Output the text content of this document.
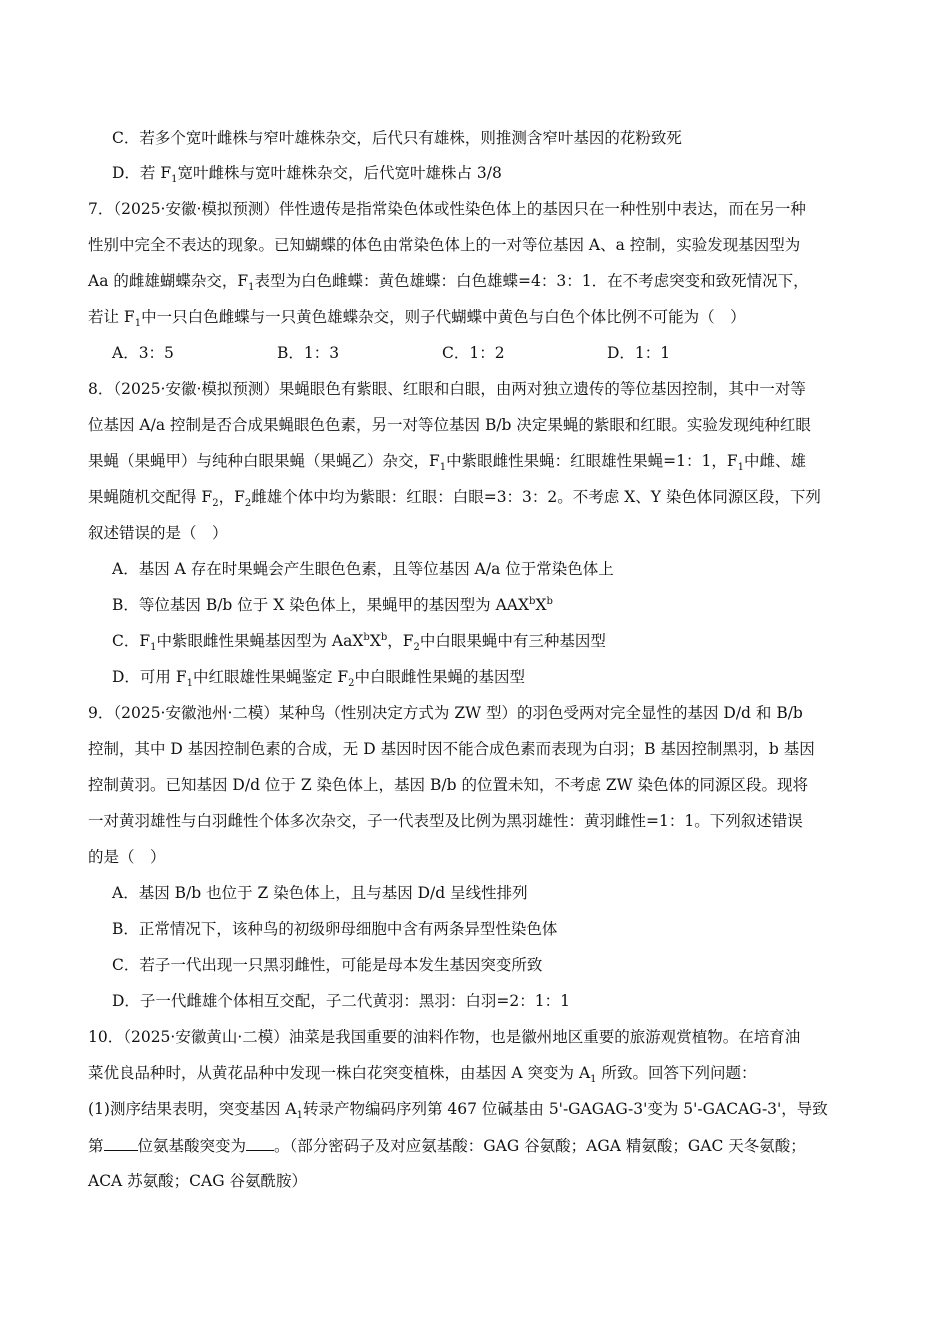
C．若多个宽叶雌株与窄叶雄株杂交，后代只有雄株，则推测含窄叶基因的花粉致死
D．若 $F_1$宽叶雌株与宽叶雄株杂交，后代宽叶雄株占 3/8
7．（2025·安徽·模拟预测）伴性遗传是指常染色体或性染色体上的基因只在一种性别中表达，而在另一种
性别中完全不表达的现象。已知蝴蝶的体色由常染色体上的一对等位基因 A、a 控制，实验发现基因型为
Aa 的雌雄蝴蝶杂交，$F_1$表型为白色雌蝶：黄色雄蝶：白色雄蝶=4：3：1．在不考虑突变和致死情况下，
若让 $F_1$中一只白色雌蝶与一只黄色雄蝶杂交，则子代蝴蝶中黄色与白色个体比例不可能为（　）
A．3：5	B．1：3	C．1：2	D．1：1
8．（2025·安徽·模拟预测）果蝇眼色有紫眼、红眼和白眼，由两对独立遗传的等位基因控制，其中一对等
位基因 A/a 控制是否合成果蝇眼色色素，另一对等位基因 B/b 决定果蝇的紫眼和红眼。实验发现纯种红眼
果蝇（果蝇甲）与纯种白眼果蝇（果蝇乙）杂交，$F_1$中紫眼雌性果蝇：红眼雄性果蝇=1：1，$F_1$中雌、雄
果蝇随机交配得 $F_2$，$F_2$雌雄个体中均为紫眼：红眼：白眼=3：3：2。不考虑 X、Y 染色体同源区段，下列
叙述错误的是（　）
A．基因 A 存在时果蝇会产生眼色色素，且等位基因 A/a 位于常染色体上
B．等位基因 B/b 位于 X 染色体上，果蝇甲的基因型为 $AAX^bX^b$
C．$F_1$中紫眼雌性果蝇基因型为 $AaX^bX^b$，$F_2$中白眼果蝇中有三种基因型
D．可用 $F_1$中红眼雄性果蝇鉴定 $F_2$中白眼雌性果蝇的基因型
9．（2025·安徽池州·二模）某种鸟（性别决定方式为 ZW 型）的羽色受两对完全显性的基因 D/d 和 B/b
控制，其中 D 基因控制色素的合成，无 D 基因时因不能合成色素而表现为白羽；B 基因控制黑羽，b 基因
控制黄羽。已知基因 D/d 位于 Z 染色体上，基因 B/b 的位置未知，不考虑 ZW 染色体的同源区段。现将
一对黄羽雄性与白羽雌性个体多次杂交，子一代表型及比例为黑羽雄性：黄羽雌性=1：1。下列叙述错误
的是（　）
A．基因 B/b 也位于 Z 染色体上，且与基因 D/d 呈线性排列
B．正常情况下，该种鸟的初级卵母细胞中含有两条异型性染色体
C．若子一代出现一只黑羽雌性，可能是母本发生基因突变所致
D．子一代雌雄个体相互交配，子二代黄羽：黑羽：白羽=2：1：1
10．（2025·安徽黄山·二模）油菜是我国重要的油料作物，也是徽州地区重要的旅游观赏植物。在培育油
菜优良品种时，从黄花品种中发现一株白花突变植株，由基因 A 突变为 $A_1$ 所致。回答下列问题：
(1)测序结果表明，突变基因 $A_1$转录产物编码序列第 467 位碱基由 5'-GAGAG-3'变为 5'-GACAG-3'，导致
第 位氨基酸突变为 。（部分密码子及对应氨基酸：GAG 谷氨酸；AGA 精氨酸；GAC 天冬氨酸；
ACA 苏氨酸；CAG 谷氨酰胺）
